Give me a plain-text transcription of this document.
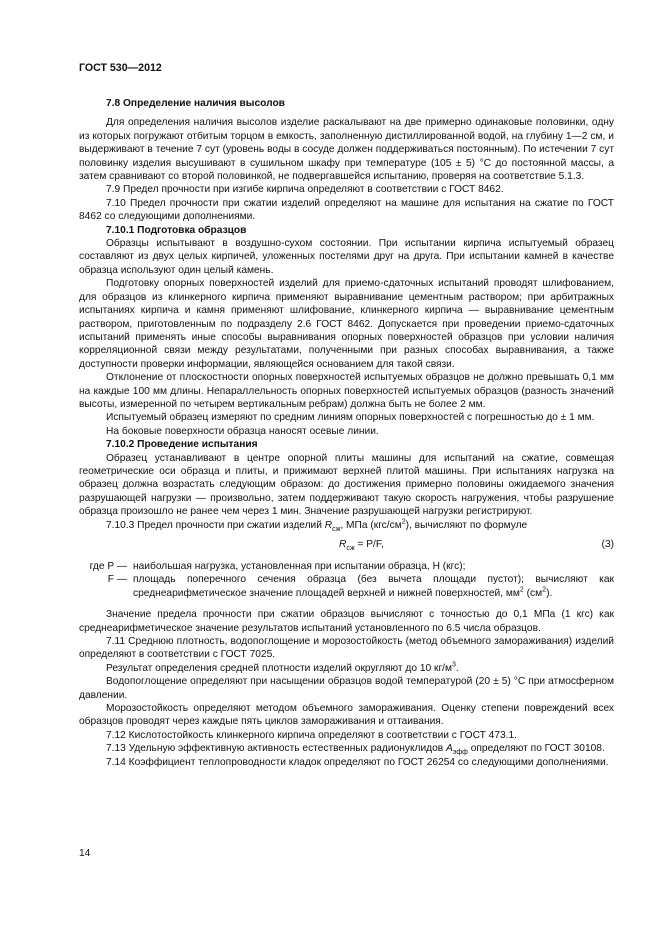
ГОСТ 530—2012

7.8 Определение наличия высолов

Для определения наличия высолов изделие раскалывают на две примерно одинаковые половинки, одну из которых погружают отбитым торцом в емкость, заполненную дистиллированной водой, на глубину 1—2 см, и выдерживают в течение 7 сут (уровень воды в сосуде должен поддерживаться постоянным). По истечении 7 сут половинку изделия высушивают в сушильном шкафу при температуре (105 ± 5) °С до постоянной массы, а затем сравнивают со второй половинкой, не подвергавшейся испытанию, проверяя на соответствие 5.1.3.

7.9 Предел прочности при изгибе кирпича определяют в соответствии с ГОСТ 8462.

7.10 Предел прочности при сжатии изделий определяют на машине для испытания на сжатие по ГОСТ 8462 со следующими дополнениями.

7.10.1 Подготовка образцов

Образцы испытывают в воздушно-сухом состоянии. При испытании кирпича испытуемый образец составляют из двух целых кирпичей, уложенных постелями друг на друга. При испытании камней в качестве образца используют один целый камень.

Подготовку опорных поверхностей изделий для приемо-сдаточных испытаний проводят шлифованием, для образцов из клинкерного кирпича применяют выравнивание цементным раствором; при арбитражных испытаниях кирпича и камня применяют шлифование, клинкерного кирпича — выравнивание цементным раствором, приготовленным по подразделу 2.6 ГОСТ 8462. Допускается при проведении приемо-сдаточных испытаний применять иные способы выравнивания опорных поверхностей образцов при условии наличия корреляционной связи между результатами, полученными при разных способах выравнивания, а также доступности проверки информации, являющейся основанием для такой связи.

Отклонение от плоскостности опорных поверхностей испытуемых образцов не должно превышать 0,1 мм на каждые 100 мм длины. Непараллельность опорных поверхностей испытуемых образцов (разность значений высоты, измеренной по четырем вертикальным ребрам) должна быть не более 2 мм.

Испытуемый образец измеряют по средним линиям опорных поверхностей с погрешностью до ± 1 мм.

На боковые поверхности образца наносят осевые линии.

7.10.2 Проведение испытания

Образец устанавливают в центре опорной плиты машины для испытаний на сжатие, совмещая геометрические оси образца и плиты, и прижимают верхней плитой машины. При испытаниях нагрузка на образец должна возрастать следующим образом: до достижения примерно половины ожидаемого значения разрушающей нагрузки — произвольно, затем поддерживают такую скорость нагружения, чтобы разрушение образца произошло не ранее чем через 1 мин. Значение разрушающей нагрузки регистрируют.

7.10.3 Предел прочности при сжатии изделий $R_{сж}$, МПа $(кгс/см^2)$, вычисляют по формуле

$R_{сж} = P/F$,	(3)
где P — наибольшая нагрузка, установленная при испытании образца, Н (кгс);
F — площадь поперечного сечения образца (без вычета площади пустот); вычисляют как среднеарифметическое значение площадей верхней и нижней поверхностей, $мм^2$ $(см^2)$.

Значение предела прочности при сжатии образцов вычисляют с точностью до 0,1 МПа (1 кгс) как среднеарифметическое значение результатов испытаний установленного по 6.5 числа образцов.

7.11 Среднюю плотность, водопоглощение и морозостойкость (метод объемного замораживания) изделий определяют в соответствии с ГОСТ 7025.

Результат определения средней плотности изделий округляют до 10 $кг/м^3$.

Водопоглощение определяют при насыщении образцов водой температурой (20 ± 5) °С при атмосферном давлении.

Морозостойкость определяют методом объемного замораживания. Оценку степени повреждений всех образцов проводят через каждые пять циклов замораживания и оттаивания.

7.12 Кислотостойкость клинкерного кирпича определяют в соответствии с ГОСТ 473.1.

7.13 Удельную эффективную активность естественных радионуклидов $A_{эфф}$ определяют по ГОСТ 30108.

7.14 Коэффициент теплопроводности кладок определяют по ГОСТ 26254 со следующими дополнениями.

14
